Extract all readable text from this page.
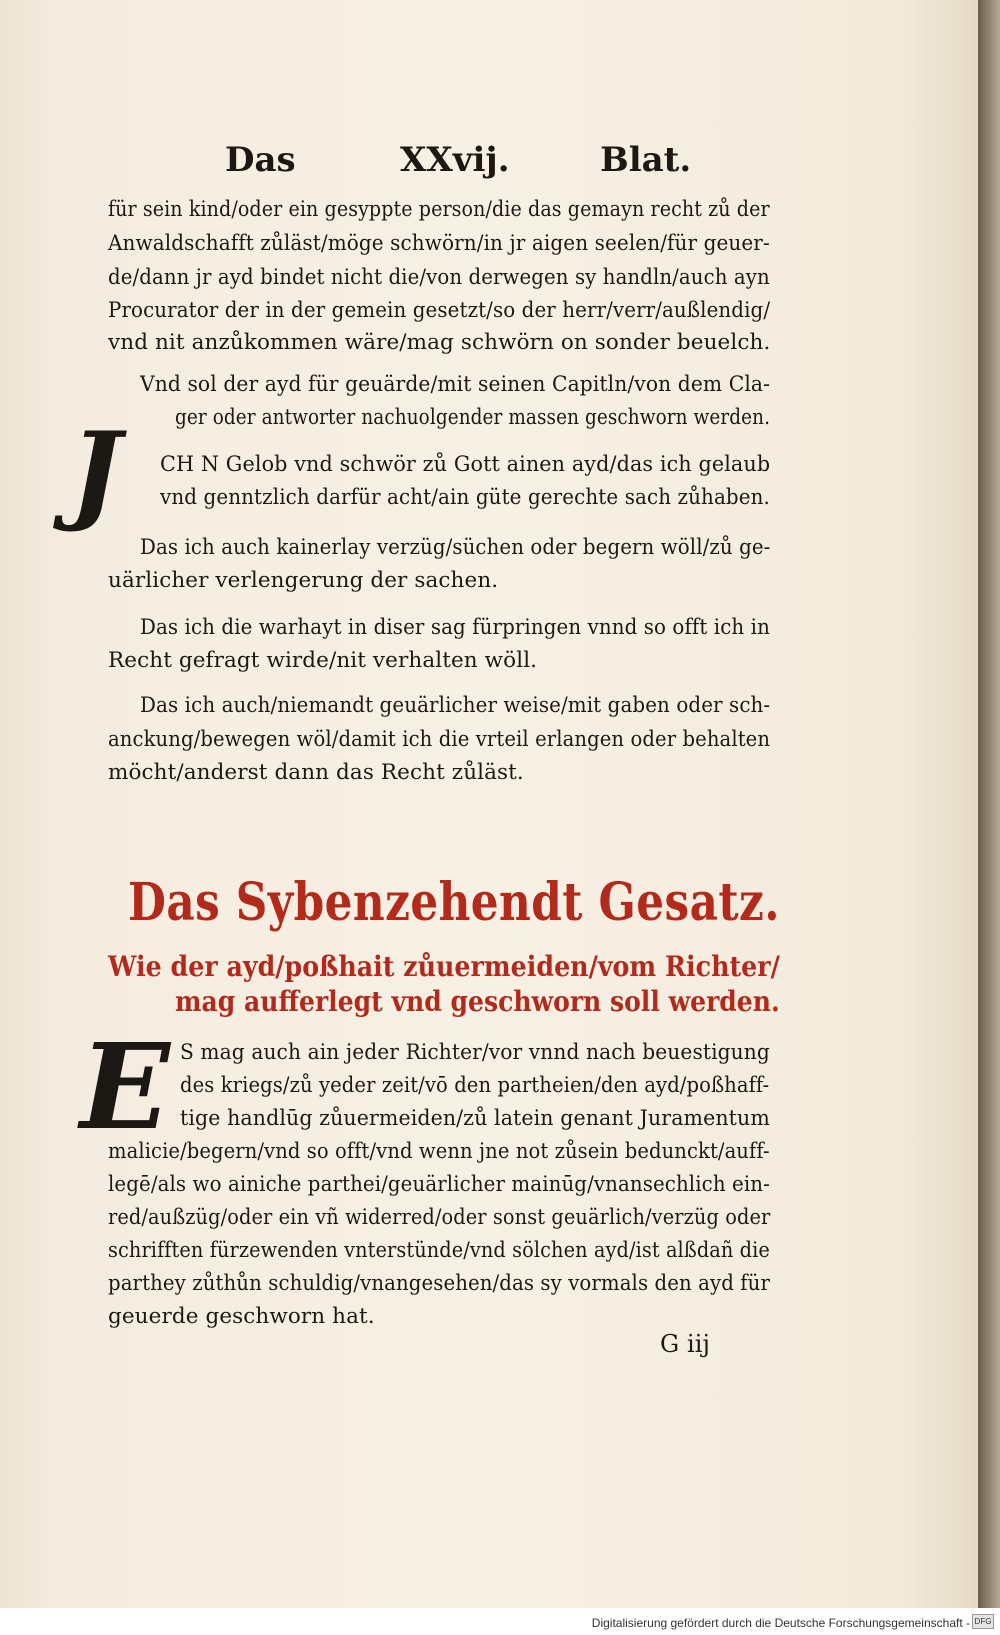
Das	XXvij.	Blat.
für sein kind/oder ein gesyppte person/die das gemayn recht zů der
Anwaldschafft zůläst/möge schwörn/in jr aigen seelen/für geuer-
de/dann jr ayd bindet nicht die/von derwegen sy handln/auch ayn
Procurator der in der gemein gesetzt/so der herr/verr/außlendig/
vnd nit anzůkommen wäre/mag schwörn on sonder beuelch.
Vnd sol der ayd für geuärde/mit seinen Capitln/von dem Cla-
ger oder antworter nachuolgender massen geschworn werden.
J CH N Gelob vnd schwör zů Gott ainen ayd/das ich gelaub
vnd genntzlich darfür acht/ain güte gerechte sach zůhaben.
Das ich auch kainerlay verzüg/süchen oder begern wöll/zů ge-
uärlicher verlengerung der sachen.
Das ich die warhayt in diser sag fürpringen vnnd so offt ich in
Recht gefragt wirde/nit verhalten wöll.
Das ich auch/niemandt geuärlicher weise/mit gaben oder sch-
anckung/bewegen wöl/damit ich die vrteil erlangen oder behalten
möcht/anderst dann das Recht zůläst.
Das Sybenzehendt Gesatz.
Wie der ayd/poßhait zůuermeiden/vom Richter/
mag aufferlegt vnd geschworn soll werden.
E S mag auch ain jeder Richter/vor vnnd nach beuestigung
des kriegs/zů yeder zeit/vō den partheien/den ayd/poßhaff-
tige handlūg zůuermeiden/zů latein genant Juramentum
malicie/begern/vnd so offt/vnd wenn jne not zůsein bedunckt/auff-
legē/als wo ainiche parthei/geuärlicher mainūg/vnansechlich ein-
red/außzüg/oder ein vñ widerred/oder sonst geuärlich/verzüg oder
schrifften fürzewenden vnterstünde/vnd sölchen ayd/ist alßdañ die
parthey zůthůn schuldig/vnangesehen/das sy vormals den ayd für
geuerde geschworn hat.
G iij
Digitalisierung gefördert durch die Deutsche Forschungsgemeinschaft - DFG
